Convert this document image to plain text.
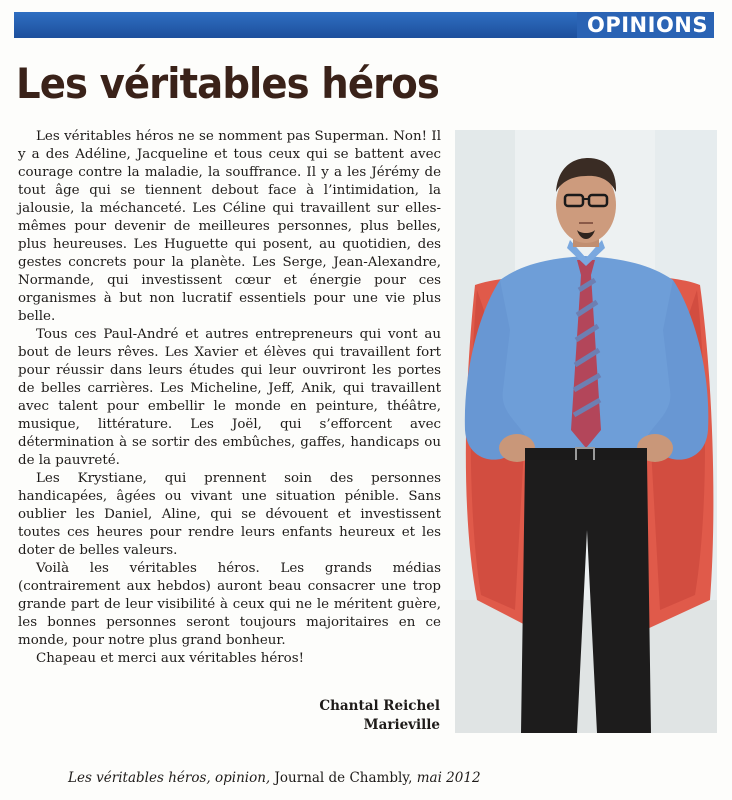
OPINIONS
Les véritables héros

Les véritables héros ne se nomment pas Superman. Non! Il y a des Adéline, Jacqueline et tous ceux qui se battent avec courage contre la maladie, la souffrance. Il y a les Jérémy de tout âge qui se tiennent debout face à l’intimidation, la jalousie, la méchanceté. Les Céline qui travaillent sur elles-mêmes pour devenir de meilleures personnes, plus belles, plus heureuses. Les Huguette qui posent, au quotidien, des gestes concrets pour la planète. Les Serge, Jean-Alexandre, Normande, qui investissent cœur et énergie pour ces organismes à but non lucratif essentiels pour une vie plus belle.

Tous ces Paul-André et autres entrepreneurs qui vont au bout de leurs rêves. Les Xavier et élèves qui travaillent fort pour réussir dans leurs études qui leur ouvriront les portes de belles carrières. Les Micheline, Jeff, Anik, qui travaillent avec talent pour embellir le monde en peinture, théâtre, musique, littérature. Les Joël, qui s’efforcent avec détermination à se sortir des embûches, gaffes, handicaps ou de la pauvreté.

Les Krystiane, qui prennent soin des personnes handicapées, âgées ou vivant une situation pénible. Sans oublier les Daniel, Aline, qui se dévouent et investissent toutes ces heures pour rendre leurs enfants heureux et les doter de belles valeurs.

Voilà les véritables héros. Les grands médias (contrairement aux hebdos) auront beau consacrer une trop grande part de leur visibilité à ceux qui ne le méritent guère, les bonnes personnes seront toujours majoritaires en ce monde, pour notre plus grand bonheur.

Chapeau et merci aux véritables héros!

Chantal Reichel
Marieville
Les véritables héros, opinion, Journal de Chambly, mai 2012
